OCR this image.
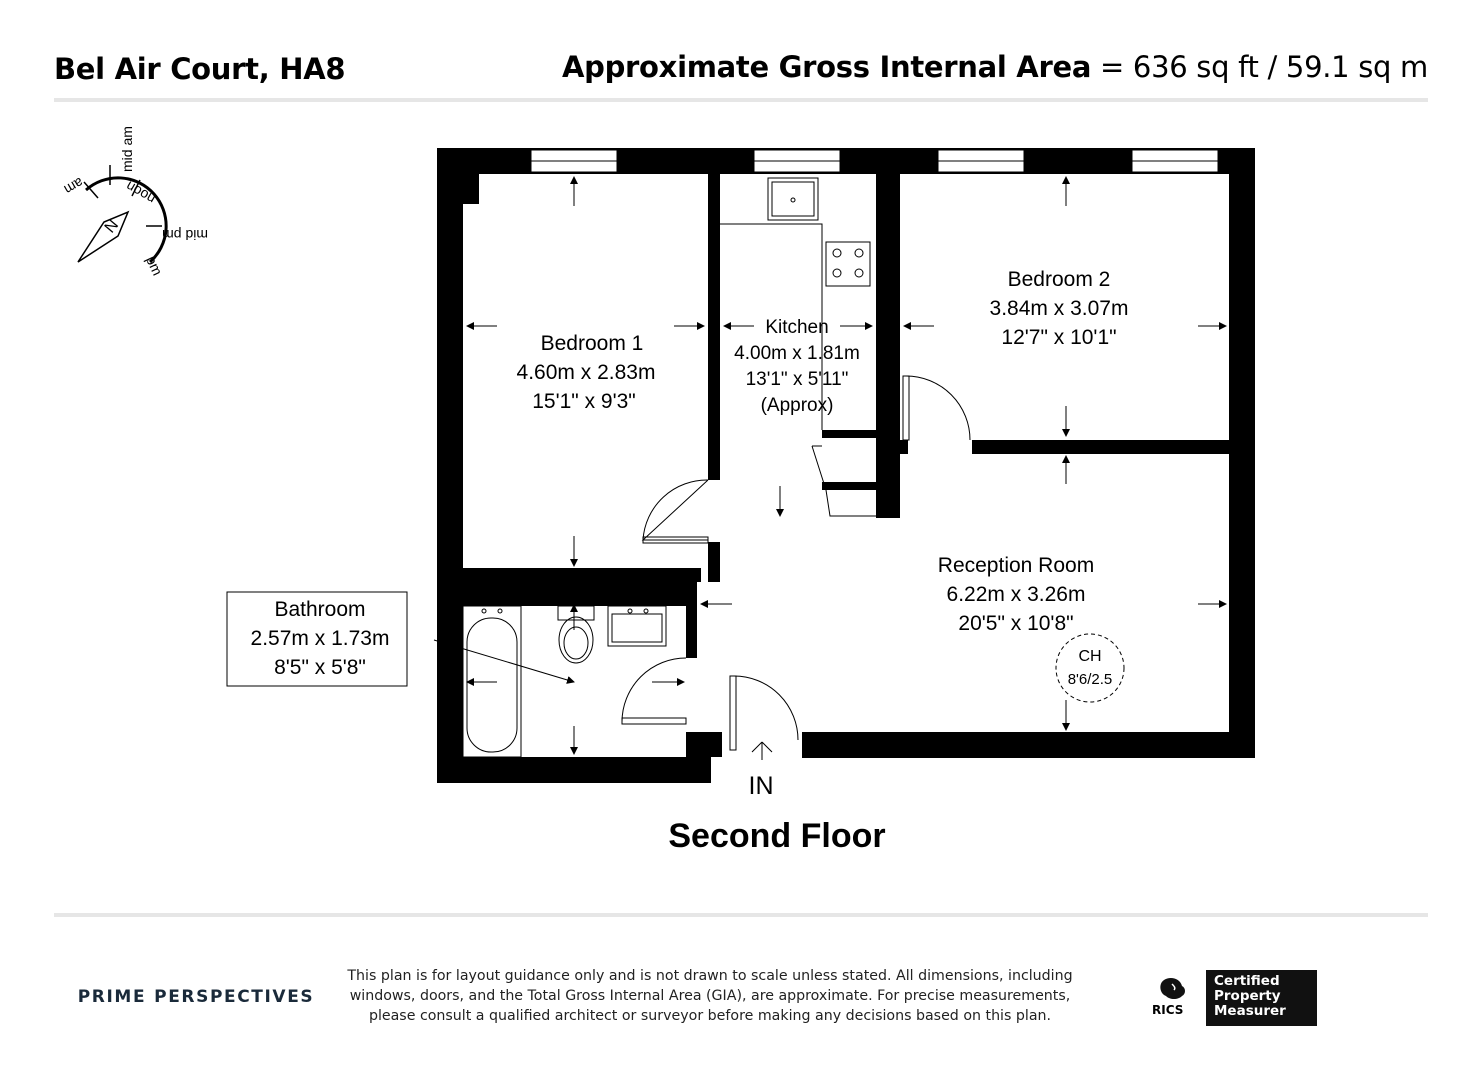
Bel Air Court, HA8	Approximate Gross Internal Area = 636 sq ft / 59.1 sq m
N
am
mid am
noon
mid pm
pm
Bedroom 1
4.60m x 2.83m
15'1" x 9'3"
Kitchen
4.00m x 1.81m
13'1" x 5'11"
(Approx)
Bedroom 2
3.84m x 3.07m
12'7" x 10'1"
Reception Room
6.22m x 3.26m
20'5" x 10'8"
Bathroom
2.57m x 1.73m
8'5" x 5'8"	CH
8'6/2.5
IN
Second Floor
PRIME PERSPECTIVES
This plan is for layout guidance only and is not drawn to scale unless stated. All dimensions, including windows, doors, and the Total Gross Internal Area (GIA), are approximate. For precise measurements, please consult a qualified architect or surveyor before making any decisions based on this plan.	RICS
Certified
Property
Measurer
